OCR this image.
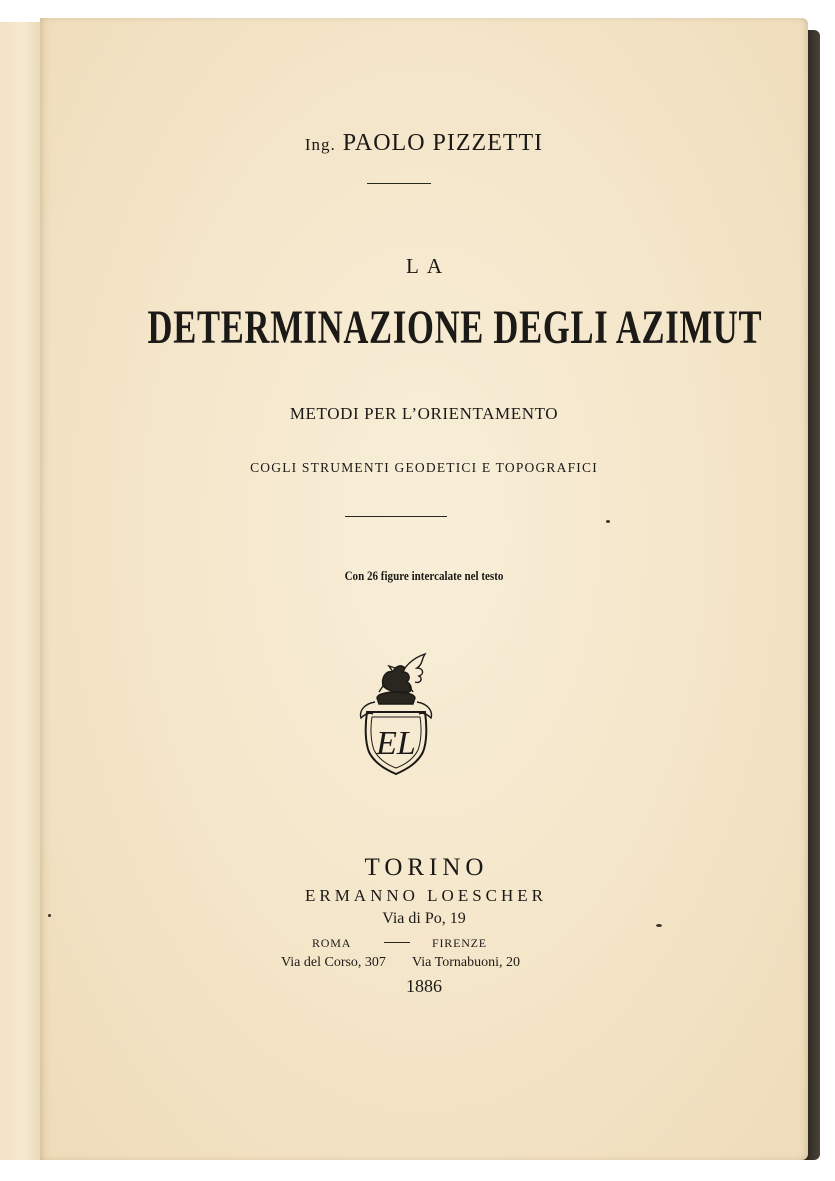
Ing. PAOLO PIZZETTI
LA
DETERMINAZIONE DEGLI AZIMUT
METODI PER L’ORIENTAMENTO
COGLI STRUMENTI GEODETICI E TOPOGRAFICI
Con 26 figure intercalate nel testo
EL
TORINO
ERMANNO LOESCHER
Via di Po, 19
ROMA	FIRENZE
Via del Corso, 307 Via Tornabuoni, 20
1886
